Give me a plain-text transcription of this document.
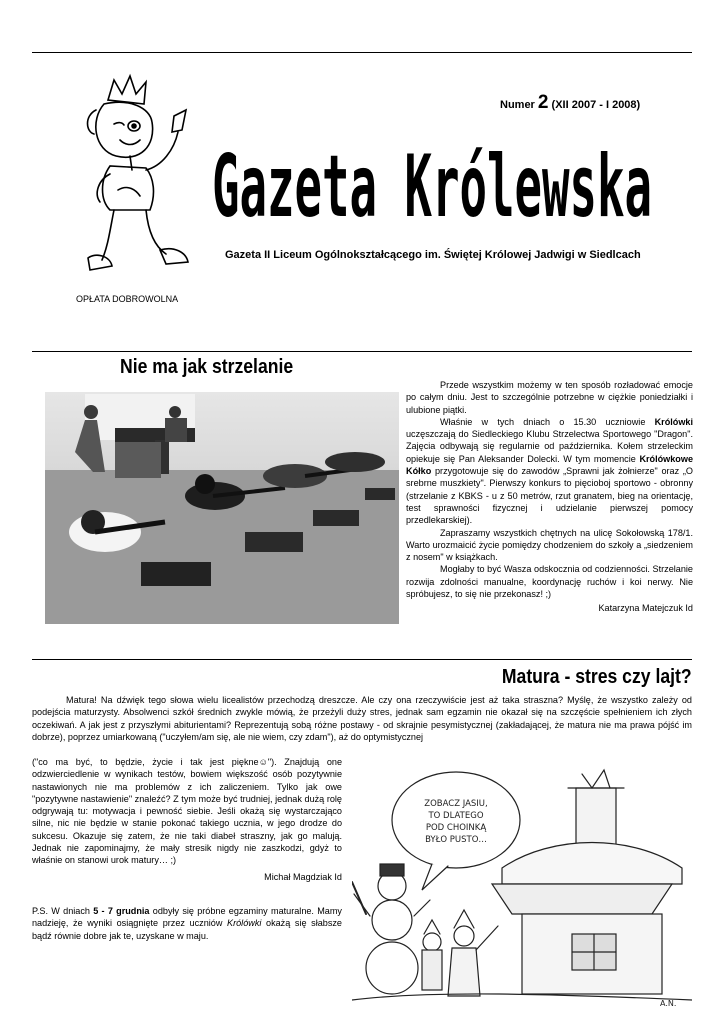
Numer 2 (XII 2007 - I 2008)
Gazeta Królewska
Gazeta II Liceum Ogólnokształcącego im. Świętej Królowej Jadwigi w Siedlcach
OPŁATA DOBROWOLNA
Nie ma jak strzelanie

Przede wszystkim możemy w ten sposób rozładować emocje po całym dniu. Jest to szczególnie potrzebne w ciężkie poniedziałki i ulubione piątki.

Właśnie w tych dniach o 15.30 uczniowie Królówki uczęszczają do Siedleckiego Klubu Strzelectwa Sportowego "Dragon". Zajęcia odbywają się regularnie od października. Kołem strzeleckim opiekuje się Pan Aleksander Dolecki. W tym momencie Królówkowe Kółko przygotowuje się do zawodów „Sprawni jak żołnierze" oraz „O srebrne muszkiety". Pierwszy konkurs to pięcioboj sportowo - obronny (strzelanie z KBKS - u z 50 metrów, rzut granatem, bieg na orientację, test sprawności fizycznej i udzielanie pierwszej pomocy przedlekarskiej).

Zapraszamy wszystkich chętnych na ulicę Sokołowską 178/1. Warto urozmaicić życie pomiędzy chodzeniem do szkoły a „siedzeniem z nosem" w książkach.

Mogłaby to być Wasza odskocznia od codzienności. Strzelanie rozwija zdolności manualne, koordynację ruchów i koi nerwy. Nie spróbujesz, to się nie przekonasz! ;)

Katarzyna Matejczuk Id

Matura - stres czy lajt?

Matura! Na dźwięk tego słowa wielu licealistów przechodzą dreszcze. Ale czy ona rzeczywiście jest aż taka straszna? Myślę, że wszystko zależy od podejścia maturzysty. Absolwenci szkół średnich zwykle mówią, że przeżyli duży stres, jednak sam egzamin nie okazał się na szczęście spełnieniem ich złych oczekiwań. A jak jest z przyszłymi abiturientami? Reprezentują sobą różne postawy - od skrajnie pesymistycznej (zakładającej, że matura nie ma prawa pójść im dobrze), poprzez umiarkowaną ("uczyłem/am się, ale nie wiem, czy zdam"), aż do optymistycznej

("co ma być, to będzie, życie i tak jest piękne☺"). Znajdują one odzwierciedlenie w wynikach testów, bowiem większość osób pozytywnie nastawionych nie ma problemów z ich zaliczeniem. Tylko jak owe "pozytywne nastawienie" znaleźć? Z tym może być trudniej, jednak dużą rolę odgrywają tu: motywacja i pewność siebie. Jeśli okażą się wystarczająco silne, nic nie będzie w stanie pokonać takiego ucznia, w jego drodze do sukcesu. Okazuje się zatem, że nie taki diabeł straszny, jak go malują. Jednak nie zapominajmy, że mały stresik nigdy nie zaszkodzi, gdyż to właśnie on stanowi urok matury… ;)

Michał Magdziak Id

P.S. W dniach 5 - 7 grudnia odbyły się próbne egzaminy maturalne. Mamy nadzieję, że wyniki osiągnięte przez uczniów Królówki okażą się słabsze bądź równie dobre jak te, uzyskane w maju.

ZOBACZ JASIU,
TO DLATEGO
POD CHOINKĄ
BYŁO PUSTO…
A.N.
